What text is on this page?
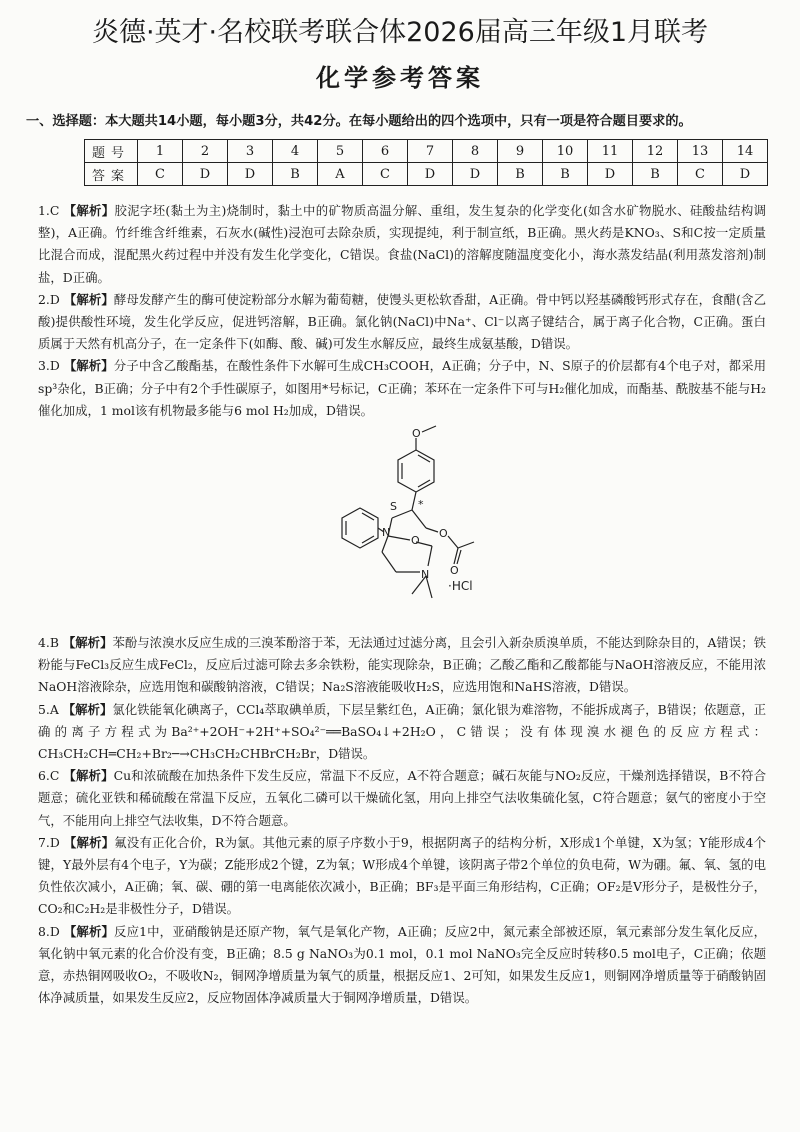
炎德·英才·名校联考联合体2026届高三年级1月联考
化学参考答案
一、选择题：本大题共14小题，每小题3分，共42分。在每小题给出的四个选项中，只有一项是符合题目要求的。
题号	1	2	3	4	5	6	7	8	9	10	11	12	13	14
答案	C	D	D	B	A	C	D	D	B	B	D	B	C	D

1.C 【解析】胶泥字坯(黏土为主)烧制时，黏土中的矿物质高温分解、重组，发生复杂的化学变化(如含水矿物脱水、硅酸盐结构调整)，A正确。竹纤维含纤维素，石灰水(碱性)浸泡可去除杂质，实现提纯，利于制宣纸，B正确。黑火药是KNO₃、S和C按一定质量比混合而成，混配黑火药过程中并没有发生化学变化，C错误。食盐(NaCl)的溶解度随温度变化小，海水蒸发结晶(利用蒸发溶剂)制盐，D正确。

2.D 【解析】酵母发酵产生的酶可使淀粉部分水解为葡萄糖，使馒头更松软香甜，A正确。骨中钙以羟基磷酸钙形式存在，食醋(含乙酸)提供酸性环境，发生化学反应，促进钙溶解，B正确。氯化钠(NaCl)中Na⁺、Cl⁻以离子键结合，属于离子化合物，C正确。蛋白质属于天然有机高分子，在一定条件下(如酶、酸、碱)可发生水解反应，最终生成氨基酸，D错误。

3.D 【解析】分子中含乙酸酯基，在酸性条件下水解可生成CH₃COOH，A正确；分子中，N、S原子的价层都有4个电子对，都采用sp³杂化，B正确；分子中有2个手性碳原子，如图用*号标记，C正确；苯环在一定条件下可与H₂催化加成，而酯基、酰胺基不能与H₂催化加成，1 mol该有机物最多能与6 mol H₂加成，D错误。

O
O
O
O
N
N
S *
·HCl

4.B 【解析】苯酚与浓溴水反应生成的三溴苯酚溶于苯，无法通过过滤分离，且会引入新杂质溴单质，不能达到除杂目的，A错误；铁粉能与FeCl₃反应生成FeCl₂，反应后过滤可除去多余铁粉，能实现除杂，B正确；乙酸乙酯和乙酸都能与NaOH溶液反应，不能用浓NaOH溶液除杂，应选用饱和碳酸钠溶液，C错误；Na₂S溶液能吸收H₂S，应选用饱和NaHS溶液，D错误。

5.A 【解析】氯化铁能氧化碘离子，CCl₄萃取碘单质，下层呈紫红色，A正确；氯化银为难溶物，不能拆成离子，B错误；依题意，正确的离子方程式为Ba²⁺+2OH⁻+2H⁺+SO₄²⁻══BaSO₄↓+2H₂O，C错误；没有体现溴水褪色的反应方程式：CH₃CH₂CH═CH₂+Br₂─→CH₃CH₂CHBrCH₂Br，D错误。

6.C 【解析】Cu和浓硫酸在加热条件下发生反应，常温下不反应，A不符合题意；碱石灰能与NO₂反应，干燥剂选择错误，B不符合题意；硫化亚铁和稀硫酸在常温下反应，五氧化二磷可以干燥硫化氢，用向上排空气法收集硫化氢，C符合题意；氨气的密度小于空气，不能用向上排空气法收集，D不符合题意。

7.D 【解析】氟没有正化合价，R为氯。其他元素的原子序数小于9，根据阴离子的结构分析，X形成1个单键，X为氢；Y能形成4个键，Y最外层有4个电子，Y为碳；Z能形成2个键，Z为氧；W形成4个单键，该阴离子带2个单位的负电荷，W为硼。氟、氧、氢的电负性依次减小，A正确；氧、碳、硼的第一电离能依次减小，B正确；BF₃是平面三角形结构，C正确；OF₂是V形分子，是极性分子，CO₂和C₂H₂是非极性分子，D错误。

8.D 【解析】反应1中，亚硝酸钠是还原产物，氧气是氧化产物，A正确；反应2中，氮元素全部被还原，氧元素部分发生氧化反应，氧化钠中氧元素的化合价没有变，B正确；8.5 g NaNO₃为0.1 mol，0.1 mol NaNO₃完全反应时转移0.5 mol电子，C正确；依题意，赤热铜网吸收O₂，不吸收N₂，铜网净增质量为氧气的质量，根据反应1、2可知，如果发生反应1，则铜网净增质量等于硝酸钠固体净减质量，如果发生反应2，反应物固体净减质量大于铜网净增质量，D错误。
